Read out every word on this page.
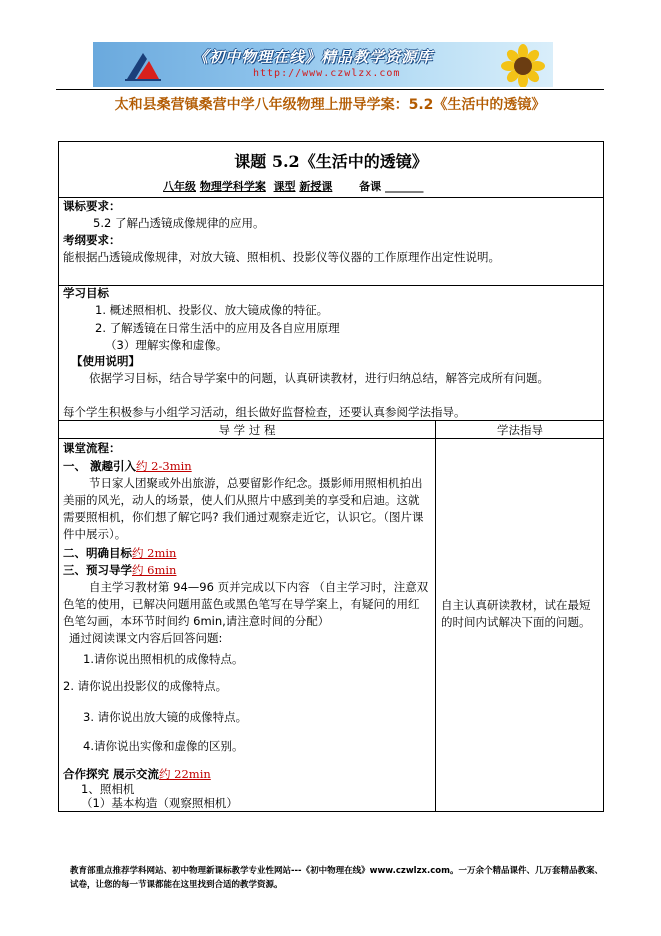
《初中物理在线》精品教学资源库
http://www.czwlzx.com
太和县桑营镇桑营中学八年级物理上册导学案：5.2《生活中的透镜》
课题 5.2《生活中的透镜》
八年级 物理学科学案 课型 新授课 备课 _______
课标要求：
5.2 了解凸透镜成像规律的应用。
考纲要求：
能根据凸透镜成像规律，对放大镜、照相机、投影仪等仪器的工作原理作出定性说明。
学习目标
1. 概述照相机、投影仪、放大镜成像的特征。
2. 了解透镜在日常生活中的应用及各自应用原理
（3）理解实像和虚像。
【使用说明】
依据学习目标，结合导学案中的问题，认真研读教材，进行归纳总结，解答完成所有问题。
每个学生积极参与小组学习活动，组长做好监督检查，还要认真参阅学法指导。
导 学 过 程	学法指导
课堂流程：
一、 激趣引入约 2-3min
节日家人团聚或外出旅游，总要留影作纪念。摄影师用照相机拍出美丽的风光，动人的场景，使人们从照片中感到美的享受和启迪。这就需要照相机，你们想了解它吗? 我们通过观察走近它，认识它。（图片课件中展示）。
二、明确目标约 2min
三、预习导学约 6min
自主学习教材第 94—96 页并完成以下内容 （自主学习时，注意双色笔的使用，已解决问题用蓝色或黑色笔写在导学案上，有疑问的用红色笔勾画，本环节时间约 6min,请注意时间的分配）
通过阅读课文内容后回答问题:
1.请你说出照相机的成像特点。
2. 请你说出投影仪的成像特点。
3. 请你说出放大镜的成像特点。
4.请你说出实像和虚像的区别。
合作探究 展示交流约 22min
1、照相机
（1）基本构造（观察照相机）
自主认真研读教材，试在最短的时间内试解决下面的问题。
教育部重点推荐学科网站、初中物理新课标教学专业性网站---《初中物理在线》www.czwlzx.com。一万余个精品课件、几万套精品教案、试卷，让您的每一节课都能在这里找到合适的教学资源。
